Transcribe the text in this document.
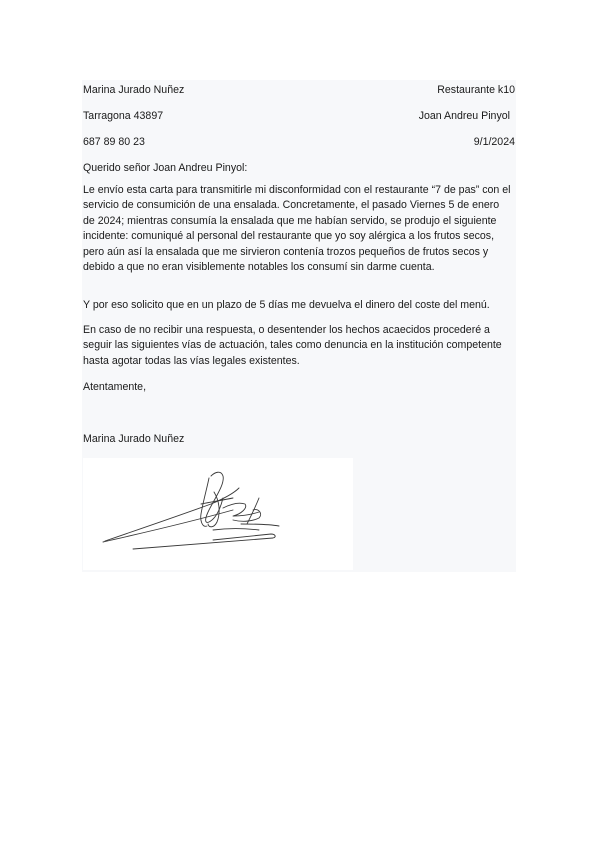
Marina Jurado Nuñez	Restaurante k10
Tarragona 43897	Joan Andreu Pinyol
687 89 80 23	9/1/2024

Querido señor Joan Andreu Pinyol:

Le envío esta carta para transmitirle mi disconformidad con el restaurante “7 de pas” con el servicio de consumición de una ensalada. Concretamente, el pasado Viernes 5 de enero de 2024; mientras consumía la ensalada que me habían servido, se produjo el siguiente incidente: comuniqué al personal del restaurante que yo soy alérgica a los frutos secos, pero aún así la ensalada que me sirvieron contenía trozos pequeños de frutos secos y debido a que no eran visiblemente notables los consumí sin darme cuenta.

Y por eso solicito que en un plazo de 5 días me devuelva el dinero del coste del menú.

En caso de no recibir una respuesta, o desentender los hechos acaecidos procederé a seguir las siguientes vías de actuación, tales como denuncia en la institución competente hasta agotar todas las vías legales existentes.

Atentamente,

Marina Jurado Nuñez
